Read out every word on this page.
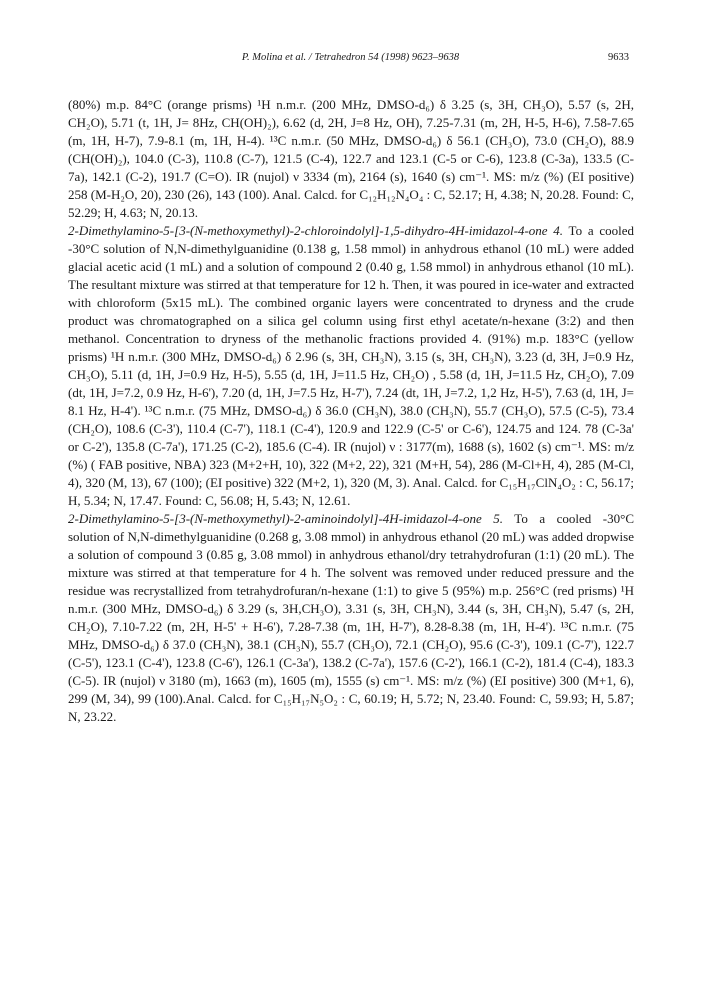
P. Molina et al. / Tetrahedron 54 (1998) 9623–9638	9633

(80%) m.p. 84°C (orange prisms) ¹H n.m.r. (200 MHz, DMSO-d₆) δ 3.25 (s, 3H, CH₃O), 5.57 (s, 2H, CH₂O), 5.71 (t, 1H, J= 8Hz, CH(OH)₂), 6.62 (d, 2H, J=8 Hz, OH), 7.25-7.31 (m, 2H, H-5, H-6), 7.58-7.65 (m, 1H, H-7), 7.9-8.1 (m, 1H, H-4). ¹³C n.m.r. (50 MHz, DMSO-d₆) δ 56.1 (CH₃O), 73.0 (CH₂O), 88.9 (CH(OH)₂), 104.0 (C-3), 110.8 (C-7), 121.5 (C-4), 122.7 and 123.1 (C-5 or C-6), 123.8 (C-3a), 133.5 (C-7a), 142.1 (C-2), 191.7 (C=O). IR (nujol) ν 3334 (m), 2164 (s), 1640 (s) cm⁻¹. MS: m/z (%) (EI positive) 258 (M-H₂O, 20), 230 (26), 143 (100). Anal. Calcd. for C₁₂H₁₂N₄O₄ : C, 52.17; H, 4.38; N, 20.28. Found: C, 52.29; H, 4.63; N, 20.13.

2-Dimethylamino-5-[3-(N-methoxymethyl)-2-chloroindolyl]-1,5-dihydro-4H-imidazol-4-one 4. To a cooled -30°C solution of N,N-dimethylguanidine (0.138 g, 1.58 mmol) in anhydrous ethanol (10 mL) were added glacial acetic acid (1 mL) and a solution of compound 2 (0.40 g, 1.58 mmol) in anhydrous ethanol (10 mL). The resultant mixture was stirred at that temperature for 12 h. Then, it was poured in ice-water and extracted with chloroform (5x15 mL). The combined organic layers were concentrated to dryness and the crude product was chromatographed on a silica gel column using first ethyl acetate/n-hexane (3:2) and then methanol. Concentration to dryness of the methanolic fractions provided 4. (91%) m.p. 183°C (yellow prisms) ¹H n.m.r. (300 MHz, DMSO-d₆) δ 2.96 (s, 3H, CH₃N), 3.15 (s, 3H, CH₃N), 3.23 (d, 3H, J=0.9 Hz, CH₃O), 5.11 (d, 1H, J=0.9 Hz, H-5), 5.55 (d, 1H, J=11.5 Hz, CH₂O) , 5.58 (d, 1H, J=11.5 Hz, CH₂O), 7.09 (dt, 1H, J=7.2, 0.9 Hz, H-6'), 7.20 (d, 1H, J=7.5 Hz, H-7'), 7.24 (dt, 1H, J=7.2, 1,2 Hz, H-5'), 7.63 (d, 1H, J= 8.1 Hz, H-4'). ¹³C n.m.r. (75 MHz, DMSO-d₆) δ 36.0 (CH₃N), 38.0 (CH₃N), 55.7 (CH₃O), 57.5 (C-5), 73.4 (CH₂O), 108.6 (C-3'), 110.4 (C-7'), 118.1 (C-4'), 120.9 and 122.9 (C-5' or C-6'), 124.75 and 124. 78 (C-3a' or C-2'), 135.8 (C-7a'), 171.25 (C-2), 185.6 (C-4). IR (nujol) ν : 3177(m), 1688 (s), 1602 (s) cm⁻¹. MS: m/z (%) ( FAB positive, NBA) 323 (M+2+H, 10), 322 (M+2, 22), 321 (M+H, 54), 286 (M-Cl+H, 4), 285 (M-Cl, 4), 320 (M, 13), 67 (100); (EI positive) 322 (M+2, 1), 320 (M, 3). Anal. Calcd. for C₁₅H₁₇ClN₄O₂ : C, 56.17; H, 5.34; N, 17.47. Found: C, 56.08; H, 5.43; N, 12.61.

2-Dimethylamino-5-[3-(N-methoxymethyl)-2-aminoindolyl]-4H-imidazol-4-one 5. To a cooled -30°C solution of N,N-dimethylguanidine (0.268 g, 3.08 mmol) in anhydrous ethanol (20 mL) was added dropwise a solution of compound 3 (0.85 g, 3.08 mmol) in anhydrous ethanol/dry tetrahydrofuran (1:1) (20 mL). The mixture was stirred at that temperature for 4 h. The solvent was removed under reduced pressure and the residue was recrystallized from tetrahydrofuran/n-hexane (1:1) to give 5 (95%) m.p. 256°C (red prisms) ¹H n.m.r. (300 MHz, DMSO-d₆) δ 3.29 (s, 3H,CH₃O), 3.31 (s, 3H, CH₃N), 3.44 (s, 3H, CH₃N), 5.47 (s, 2H, CH₂O), 7.10-7.22 (m, 2H, H-5' + H-6'), 7.28-7.38 (m, 1H, H-7'), 8.28-8.38 (m, 1H, H-4'). ¹³C n.m.r. (75 MHz, DMSO-d₆) δ 37.0 (CH₃N), 38.1 (CH₃N), 55.7 (CH₃O), 72.1 (CH₂O), 95.6 (C-3'), 109.1 (C-7'), 122.7 (C-5'), 123.1 (C-4'), 123.8 (C-6'), 126.1 (C-3a'), 138.2 (C-7a'), 157.6 (C-2'), 166.1 (C-2), 181.4 (C-4), 183.3 (C-5). IR (nujol) ν 3180 (m), 1663 (m), 1605 (m), 1555 (s) cm⁻¹. MS: m/z (%) (EI positive) 300 (M+1, 6), 299 (M, 34), 99 (100).Anal. Calcd. for C₁₅H₁₇N₅O₂ : C, 60.19; H, 5.72; N, 23.40. Found: C, 59.93; H, 5.87; N, 23.22.
